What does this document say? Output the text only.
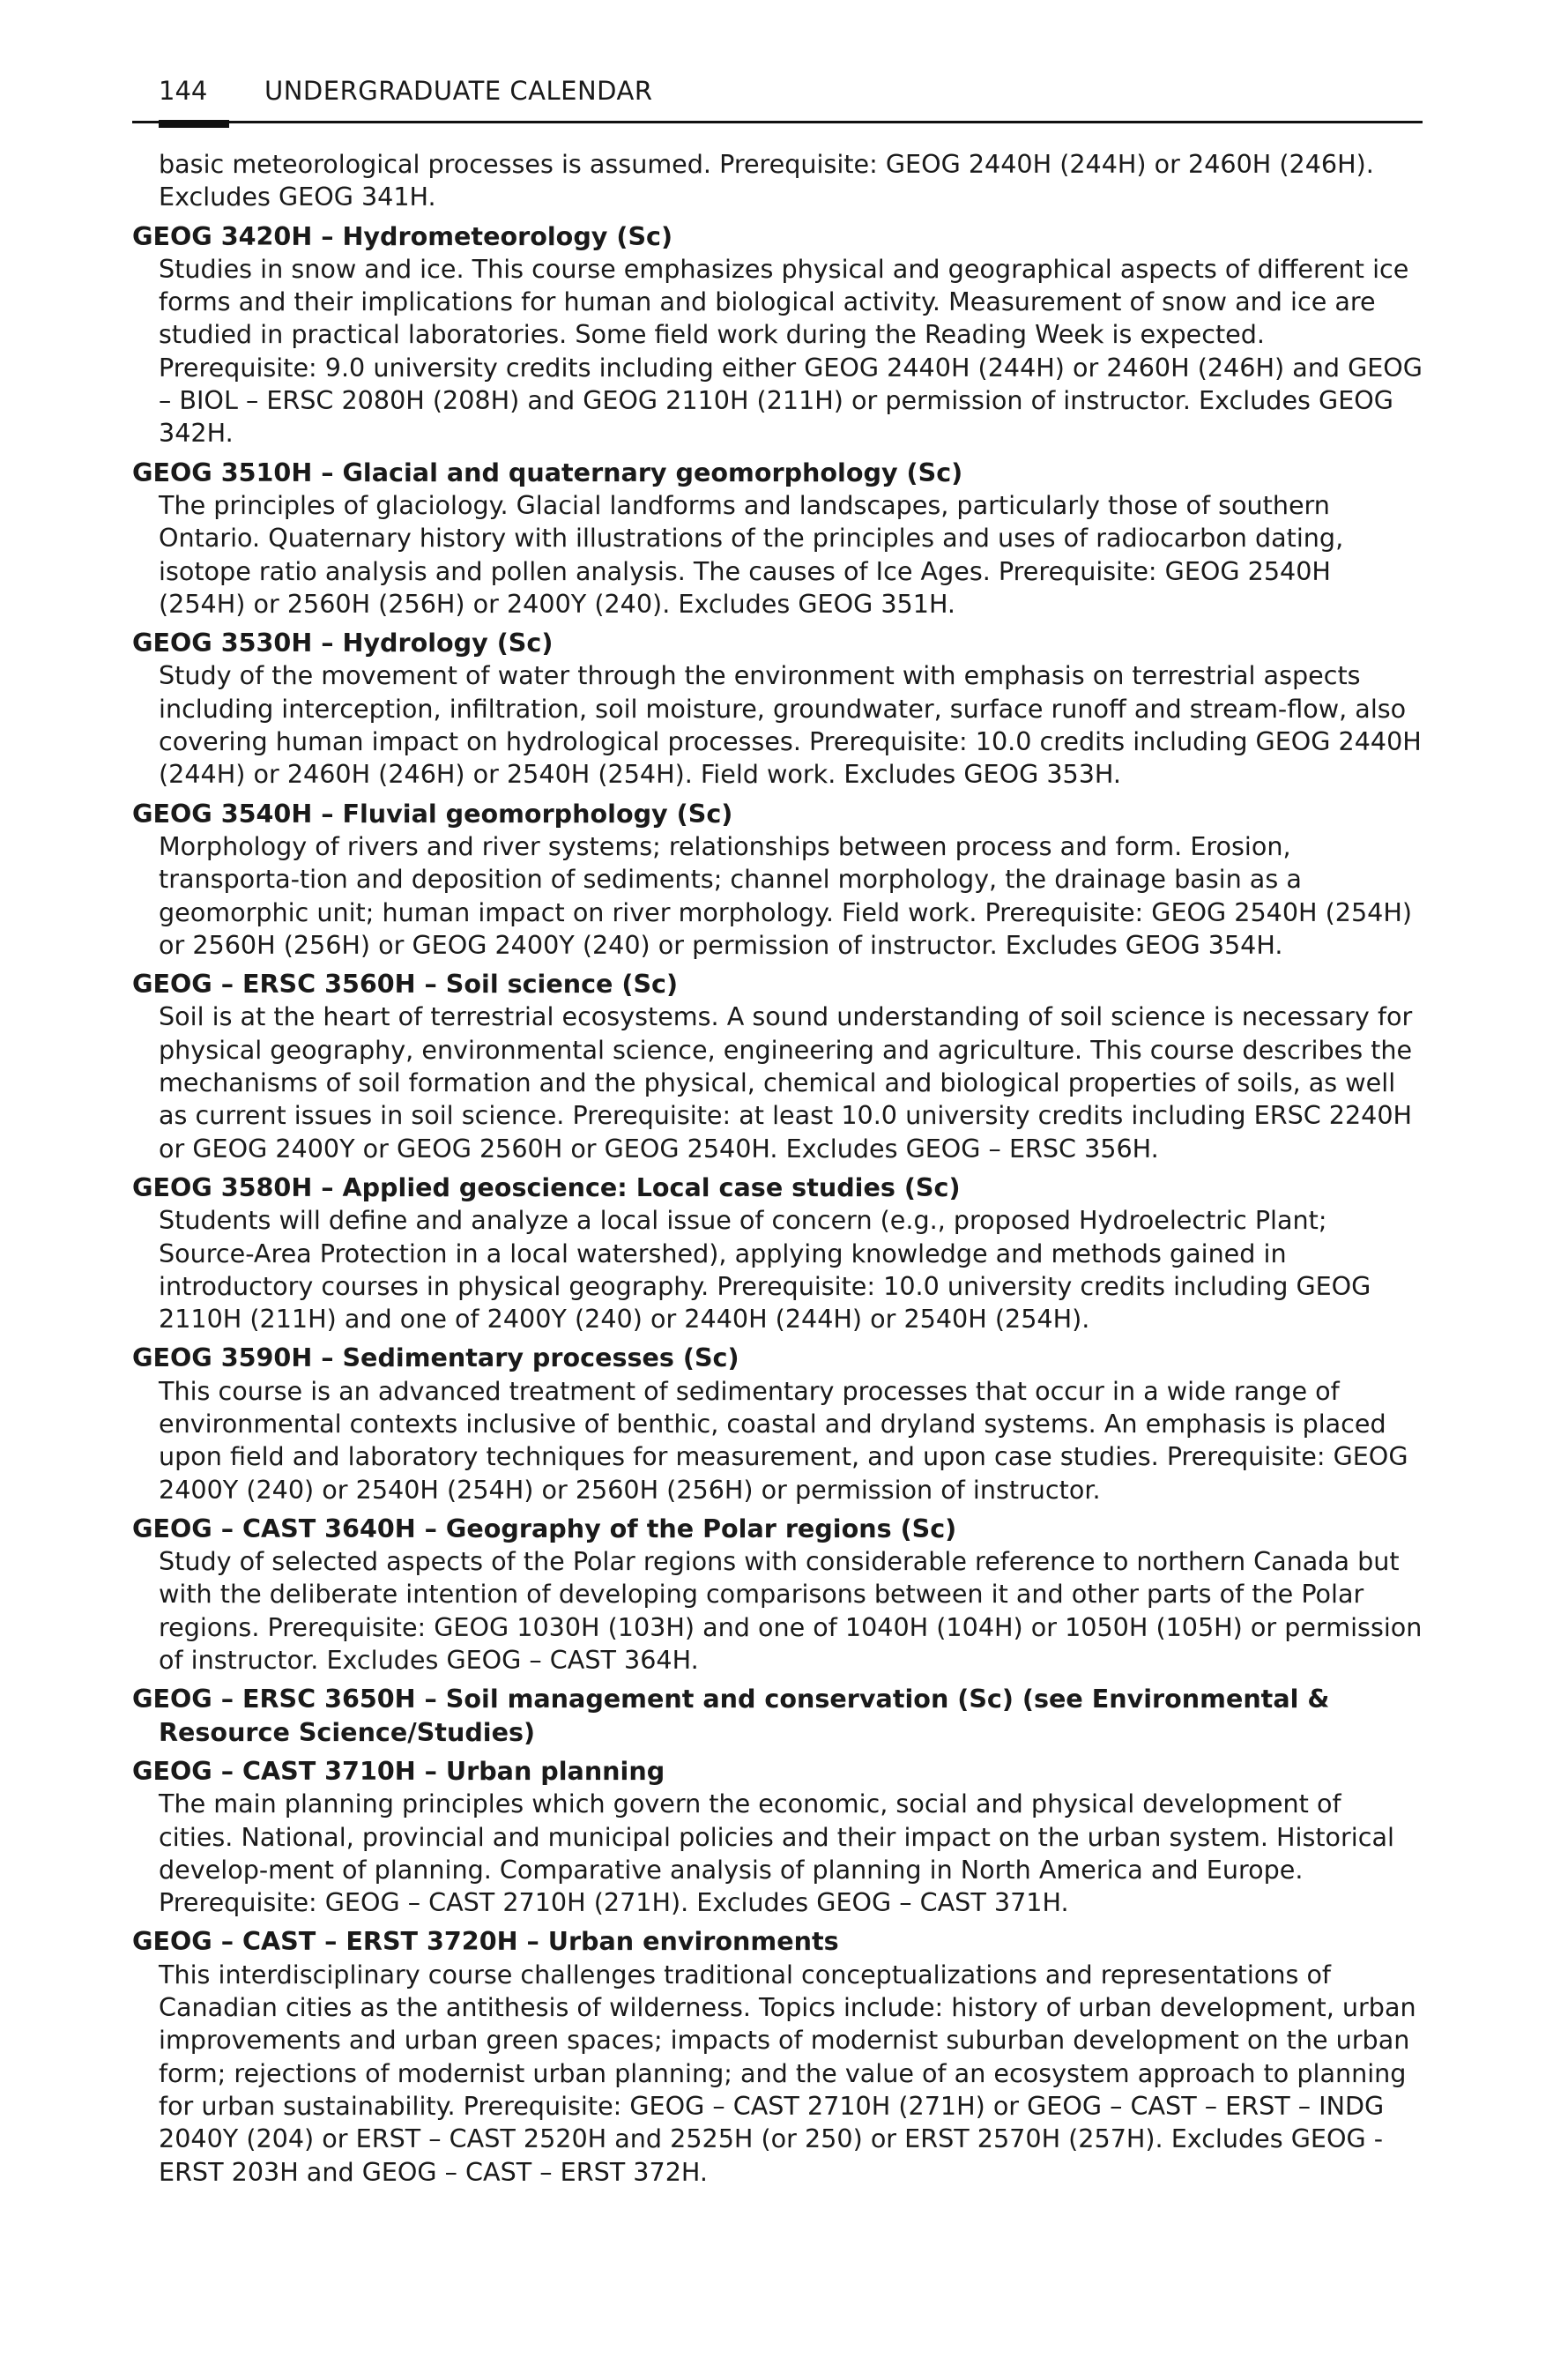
144 UNDERGRADUATE CALENDAR
basic meteorological processes is assumed. Prerequisite: GEOG 2440H (244H) or 2460H (246H). Excludes GEOG 341H.
GEOG 3420H – Hydrometeorology (Sc)
Studies in snow and ice. This course emphasizes physical and geographical aspects of different ice forms and their implications for human and biological activity. Measurement of snow and ice are studied in practical laboratories. Some field work during the Reading Week is expected. Prerequisite: 9.0 university credits including either GEOG 2440H (244H) or 2460H (246H) and GEOG – BIOL – ERSC 2080H (208H) and GEOG 2110H (211H) or permission of instructor. Excludes GEOG 342H.
GEOG 3510H – Glacial and quaternary geomorphology (Sc)
The principles of glaciology. Glacial landforms and landscapes, particularly those of southern Ontario. Quaternary history with illustrations of the principles and uses of radiocarbon dating, isotope ratio analysis and pollen analysis. The causes of Ice Ages. Prerequisite: GEOG 2540H (254H) or 2560H (256H) or 2400Y (240). Excludes GEOG 351H.
GEOG 3530H – Hydrology (Sc)
Study of the movement of water through the environment with emphasis on terrestrial aspects including interception, infiltration, soil moisture, groundwater, surface runoff and stream-flow, also covering human impact on hydrological processes. Prerequisite: 10.0 credits including GEOG 2440H (244H) or 2460H (246H) or 2540H (254H). Field work. Excludes GEOG 353H.
GEOG 3540H – Fluvial geomorphology (Sc)
Morphology of rivers and river systems; relationships between process and form. Erosion, transporta-tion and deposition of sediments; channel morphology, the drainage basin as a geomorphic unit; human impact on river morphology. Field work. Prerequisite: GEOG 2540H (254H) or 2560H (256H) or GEOG 2400Y (240) or permission of instructor. Excludes GEOG 354H.
GEOG – ERSC 3560H – Soil science (Sc)
Soil is at the heart of terrestrial ecosystems. A sound understanding of soil science is necessary for physical geography, environmental science, engineering and agriculture. This course describes the mechanisms of soil formation and the physical, chemical and biological properties of soils, as well as current issues in soil science. Prerequisite: at least 10.0 university credits including ERSC 2240H or GEOG 2400Y or GEOG 2560H or GEOG 2540H. Excludes GEOG – ERSC 356H.
GEOG 3580H – Applied geoscience: Local case studies (Sc)
Students will define and analyze a local issue of concern (e.g., proposed Hydroelectric Plant; Source-Area Protection in a local watershed), applying knowledge and methods gained in introductory courses in physical geography. Prerequisite: 10.0 university credits including GEOG 2110H (211H) and one of 2400Y (240) or 2440H (244H) or 2540H (254H).
GEOG 3590H – Sedimentary processes (Sc)
This course is an advanced treatment of sedimentary processes that occur in a wide range of environmental contexts inclusive of benthic, coastal and dryland systems. An emphasis is placed upon field and laboratory techniques for measurement, and upon case studies. Prerequisite: GEOG 2400Y (240) or 2540H (254H) or 2560H (256H) or permission of instructor.
GEOG – CAST 3640H – Geography of the Polar regions (Sc)
Study of selected aspects of the Polar regions with considerable reference to northern Canada but with the deliberate intention of developing comparisons between it and other parts of the Polar regions. Prerequisite: GEOG 1030H (103H) and one of 1040H (104H) or 1050H (105H) or permission of instructor. Excludes GEOG – CAST 364H.
GEOG – ERSC 3650H – Soil management and conservation (Sc) (see Environmental & Resource Science/Studies)
GEOG – CAST 3710H – Urban planning
The main planning principles which govern the economic, social and physical development of cities. National, provincial and municipal policies and their impact on the urban system. Historical develop-ment of planning. Comparative analysis of planning in North America and Europe. Prerequisite: GEOG – CAST 2710H (271H). Excludes GEOG – CAST 371H.
GEOG – CAST – ERST 3720H – Urban environments
This interdisciplinary course challenges traditional conceptualizations and representations of Canadian cities as the antithesis of wilderness. Topics include: history of urban development, urban improvements and urban green spaces; impacts of modernist suburban development on the urban form; rejections of modernist urban planning; and the value of an ecosystem approach to planning for urban sustainability. Prerequisite: GEOG – CAST 2710H (271H) or GEOG – CAST – ERST – INDG 2040Y (204) or ERST – CAST 2520H and 2525H (or 250) or ERST 2570H (257H). Excludes GEOG - ERST 203H and GEOG – CAST – ERST 372H.
